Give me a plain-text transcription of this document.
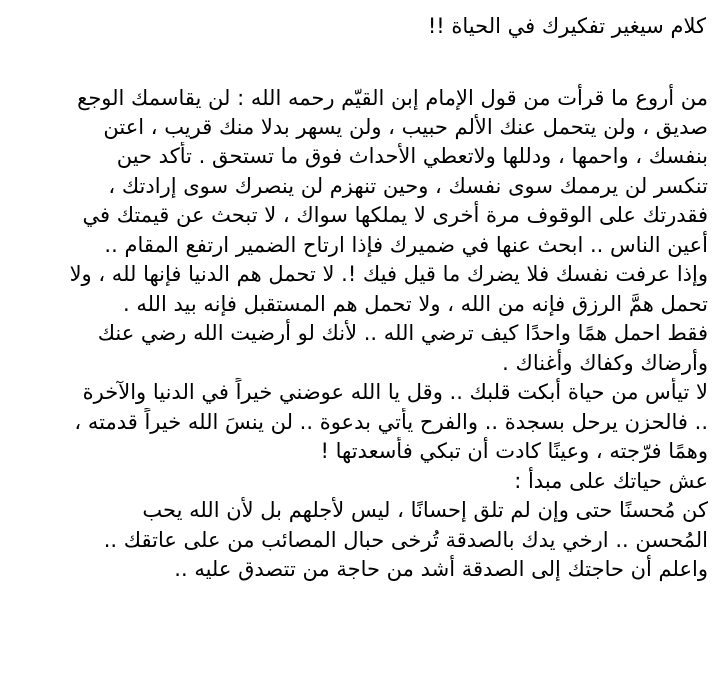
كلام سيغير تفكيرك في الحياة !!
من أروع ما قرأت من قول الإمام إبن القيّم رحمه الله : لن يقاسمك الوجع
صديق ، ولن يتحمل عنك الألم حبيب ، ولن يسهر بدلا منك قريب ، اعتن
بنفسك ، واحمها ، ودللها ولاتعطي الأحداث فوق ما تستحق . تأكد حين
تنكسر لن يرممك سوى نفسك ، وحين تنهزم لن ينصرك سوى إرادتك ،
فقدرتك على الوقوف مرة أخرى لا يملكها سواك ، لا تبحث عن قيمتك في
أعين الناس .. ابحث عنها في ضميرك فإذا ارتاح الضمير ارتفع المقام ..
وإذا عرفت نفسك فلا يضرك ما قيل فيك !. لا تحمل هم الدنيا فإنها لله ، ولا
تحمل همَّ الرزق فإنه من الله ، ولا تحمل هم المستقبل فإنه بيد الله .
فقط احمل همًا واحدًا كيف ترضي الله .. لأنك لو أرضيت الله رضي عنك
وأرضاك وكفاك وأغناك .
لا تيأس من حياة أبكت قلبك .. وقل يا الله عوضني خيراً في الدنيا والآخرة
.. فالحزن يرحل بسجدة .. والفرح يأتي بدعوة .. لن ينسَ الله خيراً قدمته ،
وهمًا فرّجته ، وعينًا كادت أن تبكي فأسعدتها !
عش حياتك على مبدأ :
كن مُحسنًا حتى وإن لم تلق إحسانًا ، ليس لأجلهم بل لأن الله يحب
المُحسن .. ارخي يدك بالصدقة تُرخى حبال المصائب من على عاتقك ..
واعلم أن حاجتك إلى الصدقة أشد من حاجة من تتصدق عليه ..
